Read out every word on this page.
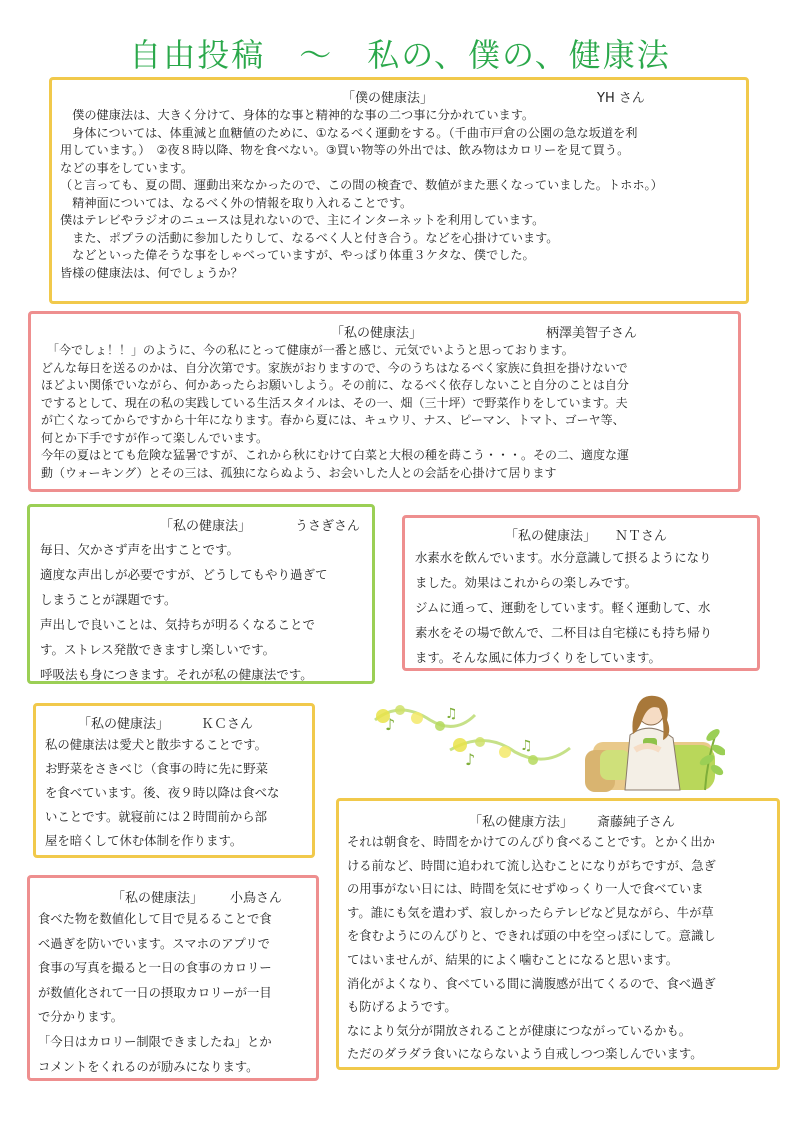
自由投稿　～　私の、僕の、健康法
「僕の健康法」	YH さん
　僕の健康法は、大きく分けて、身体的な事と精神的な事の二つ事に分かれています。
　身体については、体重減と血糖値のために、①なるべく運動をする。（千曲市戸倉の公園の急な坂道を利
用しています。）　②夜８時以降、物を食べない。③買い物等の外出では、飲み物はカロリーを見て買う。
などの事をしています。
（と言っても、夏の間、運動出来なかったので、この間の検査で、数値がまた悪くなっていました。トホホ。）
　精神面については、なるべく外の情報を取り入れることです。
僕はテレビやラジオのニュースは見れないので、主にインターネットを利用しています。
　また、ポプラの活動に参加したりして、なるべく人と付き合う。などを心掛けています。
　などといった偉そうな事をしゃべっていますが、やっぱり体重３ケタな、僕でした。
皆様の健康法は、何でしょうか？
「私の健康法」	柄澤美智子さん
　「今でしょ！！」のように、今の私にとって健康が一番と感じ、元気でいようと思っております。
どんな毎日を送るのかは、自分次第です。家族がおりますので、今のうちはなるべく家族に負担を掛けないで
ほどよい関係でいながら、何かあったらお願いしよう。その前に、なるべく依存しないこと自分のことは自分
でするとして、現在の私の実践している生活スタイルは、その一、畑（三十坪）で野菜作りをしています。夫
が亡くなってからですから十年になります。春から夏には、キュウリ、ナス、ピーマン、トマト、ゴーヤ等、
何とか下手ですが作って楽しんでいます。
今年の夏はとても危険な猛暑ですが、これから秋にむけて白菜と大根の種を蒔こう・・・。その二、適度な運
動（ウォーキング）とその三は、孤独にならぬよう、お会いした人との会話を心掛けて居ります
「私の健康法」	うさぎさん
毎日、欠かさず声を出すことです。
適度な声出しが必要ですが、どうしてもやり過ぎて
しまうことが課題です。
声出しで良いことは、気持ちが明るくなることで
す。ストレス発散できますし楽しいです。
呼吸法も身につきます。それが私の健康法です。
「私の健康法」 ＮＴさん
水素水を飲んでいます。水分意識して摂るようになり
ました。効果はこれからの楽しみです。
ジムに通って、運動をしています。軽く運動して、水
素水をその場で飲んで、二杯目は自宅様にも持ち帰り
ます。そんな風に体力づくりをしています。
「私の健康法」 ＫＣさん
私の健康法は愛犬と散歩することです。
お野菜をさきべじ（食事の時に先に野菜
を食べています。後、夜９時以降は食べな
いことです。就寝前には２時間前から部
屋を暗くして休む体制を作ります。
♪
♫
♪
♫
「私の健康方法」 斎藤純子さん
それは朝食を、時間をかけてのんびり食べることです。とかく出か
ける前など、時間に追われて流し込むことになりがちですが、急ぎ
の用事がない日には、時間を気にせずゆっくり一人で食べていま
す。誰にも気を遣わず、寂しかったらテレビなど見ながら、牛が草
を食むようにのんびりと、できれば頭の中を空っぽにして。意識し
てはいませんが、結果的によく噛むことになると思います。
消化がよくなり、食べている間に満腹感が出てくるので、食べ過ぎ
も防げるようです。
なにより気分が開放されることが健康につながっているかも。
ただのダラダラ食いにならないよう自戒しつつ楽しんでいます。
「私の健康法」 小鳥さん
食べた物を数値化して目で見るることで食
べ過ぎを防いでいます。スマホのアプリで
食事の写真を撮ると一日の食事のカロリー
が数値化されて一日の摂取カロリーが一目
で分かります。
「今日はカロリー制限できましたね」とか
コメントをくれるのが励みになります。
